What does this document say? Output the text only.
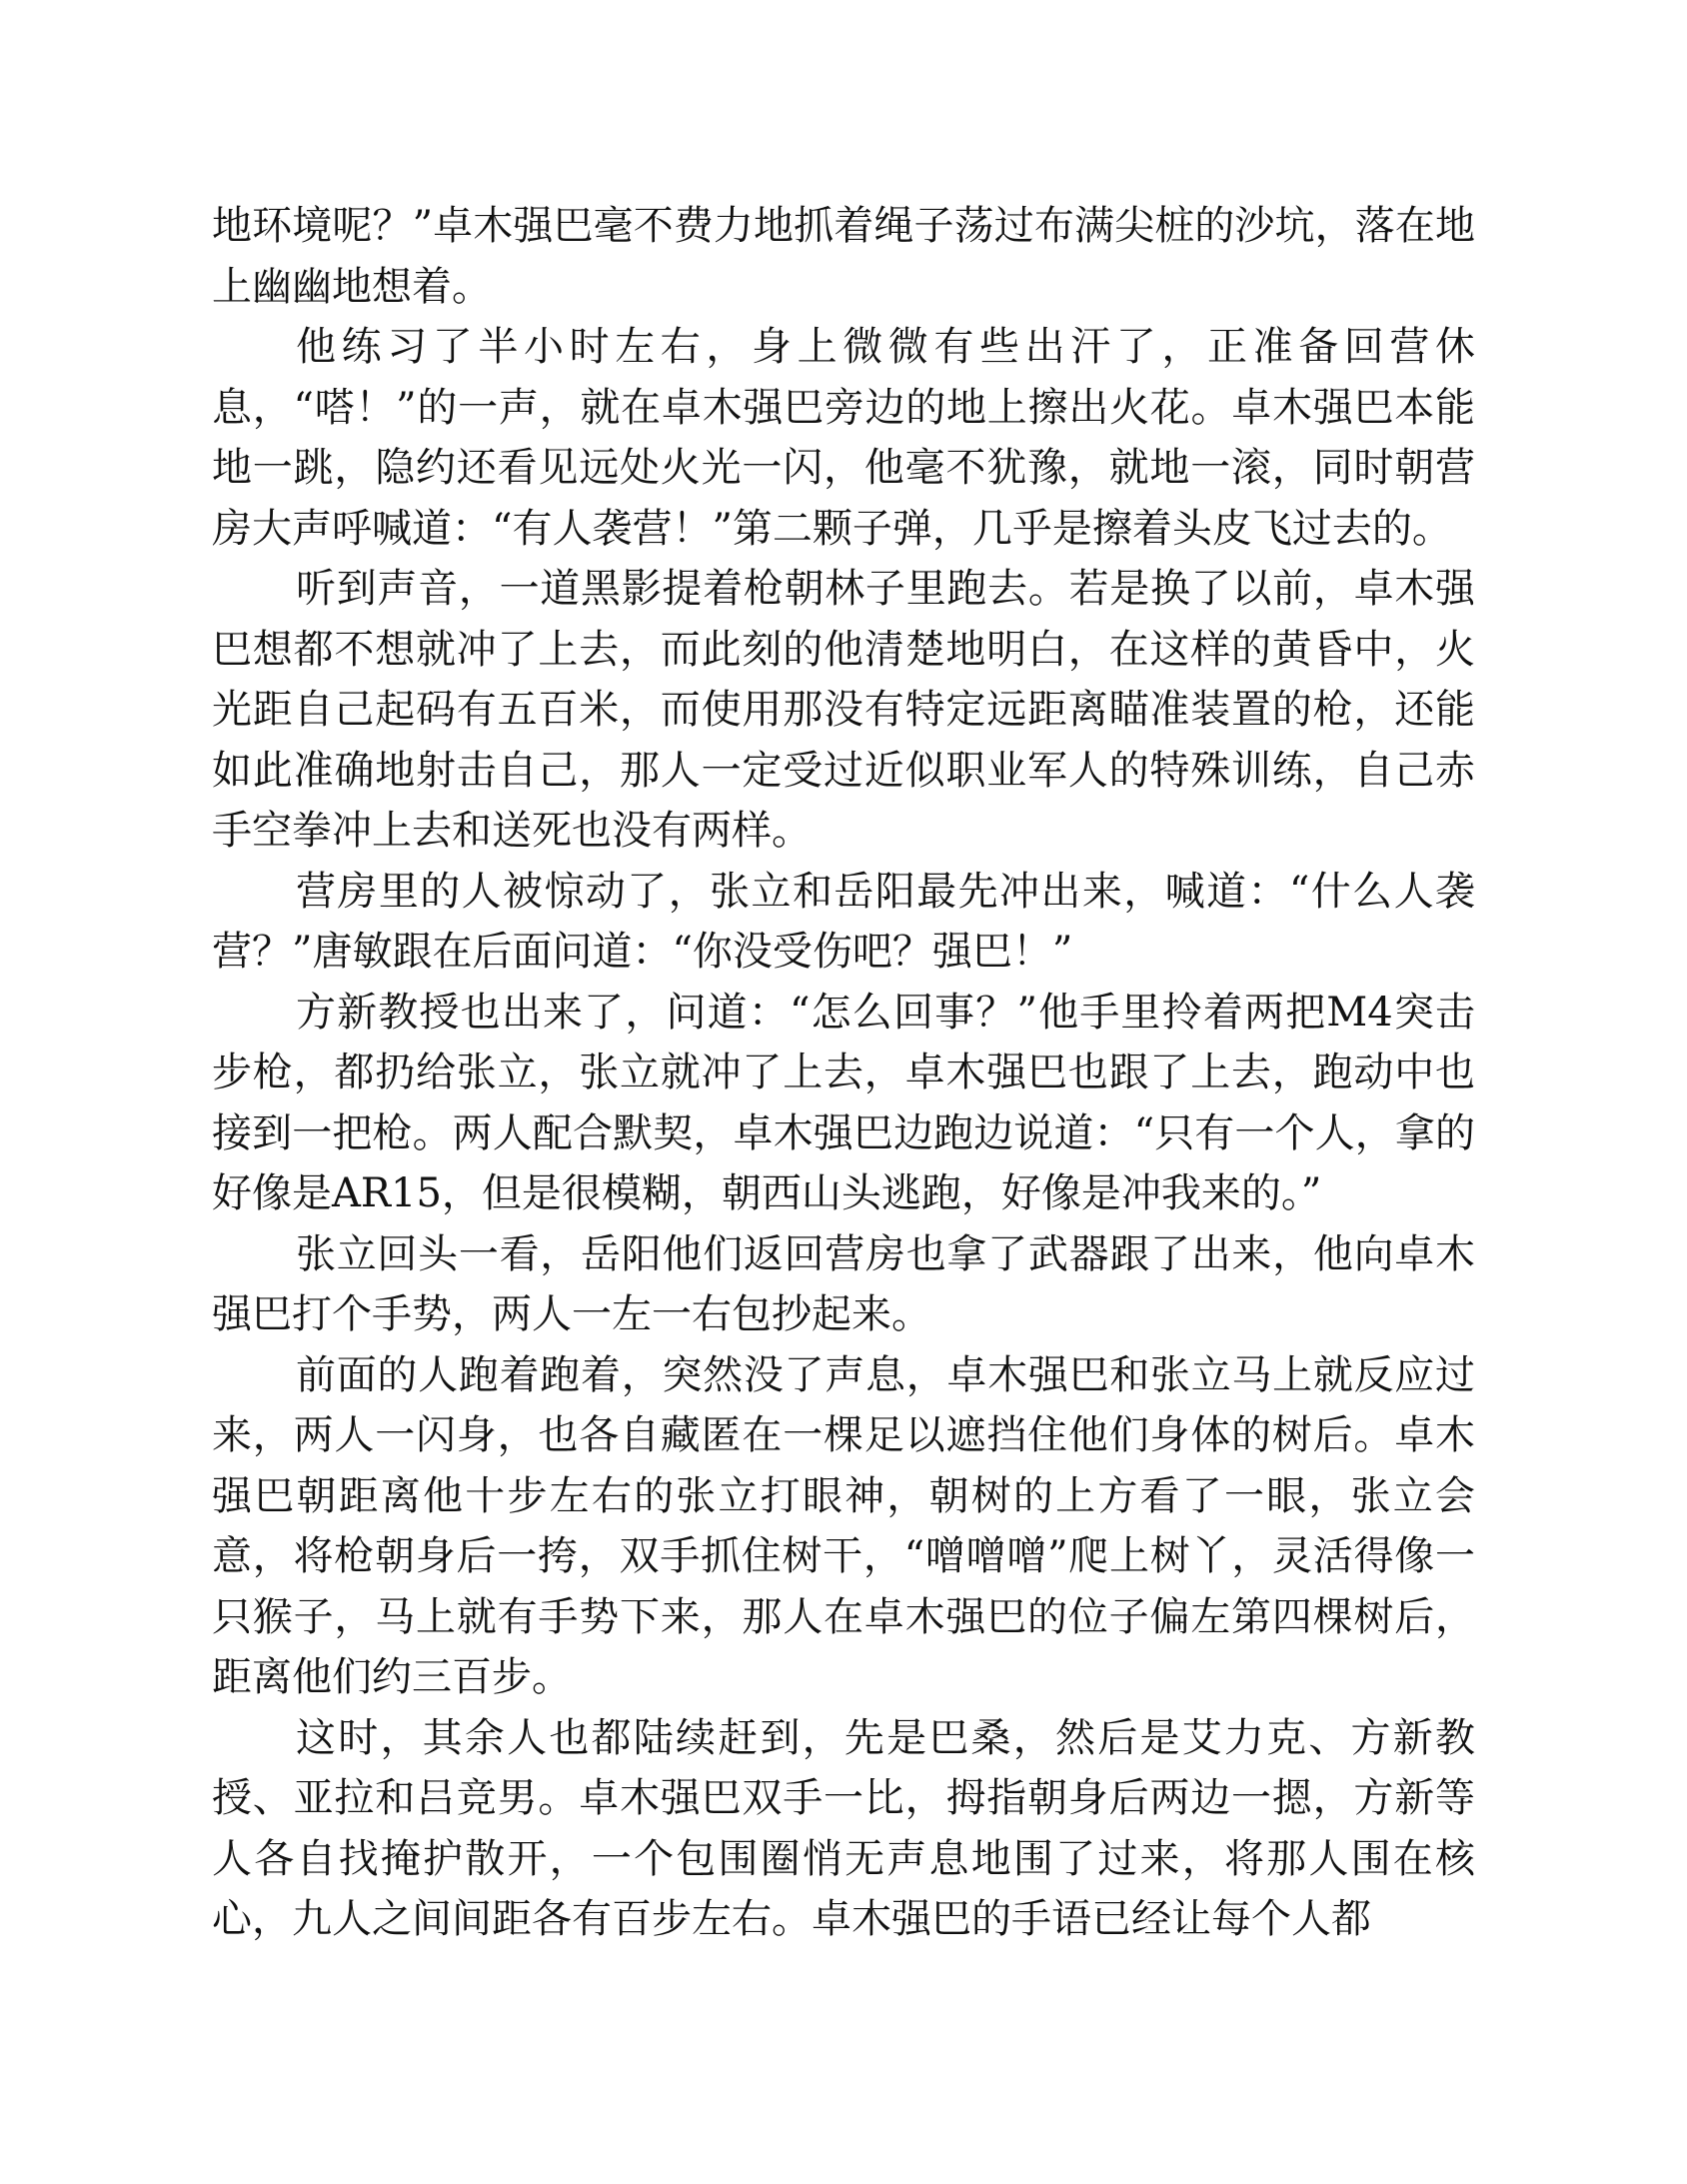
地环境呢？”卓木强巴毫不费力地抓着绳子荡过布满尖桩的沙坑，落在地上幽幽地想着。

他练习了半小时左右，身上微微有些出汗了，正准备回营休息，“嗒！”的一声，就在卓木强巴旁边的地上擦出火花。卓木强巴本能地一跳，隐约还看见远处火光一闪，他毫不犹豫，就地一滚，同时朝营房大声呼喊道：“有人袭营！”第二颗子弹，几乎是擦着头皮飞过去的。

听到声音，一道黑影提着枪朝林子里跑去。若是换了以前，卓木强巴想都不想就冲了上去，而此刻的他清楚地明白，在这样的黄昏中，火光距自己起码有五百米，而使用那没有特定远距离瞄准装置的枪，还能如此准确地射击自己，那人一定受过近似职业军人的特殊训练，自己赤手空拳冲上去和送死也没有两样。

营房里的人被惊动了，张立和岳阳最先冲出来，喊道：“什么人袭营？”唐敏跟在后面问道：“你没受伤吧？强巴！”

方新教授也出来了，问道：“怎么回事？”他手里拎着两把M4突击步枪，都扔给张立，张立就冲了上去，卓木强巴也跟了上去，跑动中也接到一把枪。两人配合默契，卓木强巴边跑边说道：“只有一个人，拿的好像是AR15，但是很模糊，朝西山头逃跑，好像是冲我来的。”

张立回头一看，岳阳他们返回营房也拿了武器跟了出来，他向卓木强巴打个手势，两人一左一右包抄起来。

前面的人跑着跑着，突然没了声息，卓木强巴和张立马上就反应过来，两人一闪身，也各自藏匿在一棵足以遮挡住他们身体的树后。卓木强巴朝距离他十步左右的张立打眼神，朝树的上方看了一眼，张立会意，将枪朝身后一挎，双手抓住树干，“噌噌噌”爬上树丫，灵活得像一只猴子，马上就有手势下来，那人在卓木强巴的位子偏左第四棵树后，距离他们约三百步。

这时，其余人也都陆续赶到，先是巴桑，然后是艾力克、方新教授、亚拉和吕竞男。卓木强巴双手一比，拇指朝身后两边一摁，方新等人各自找掩护散开，一个包围圈悄无声息地围了过来，将那人围在核心，九人之间间距各有百步左右。卓木强巴的手语已经让每个人都
